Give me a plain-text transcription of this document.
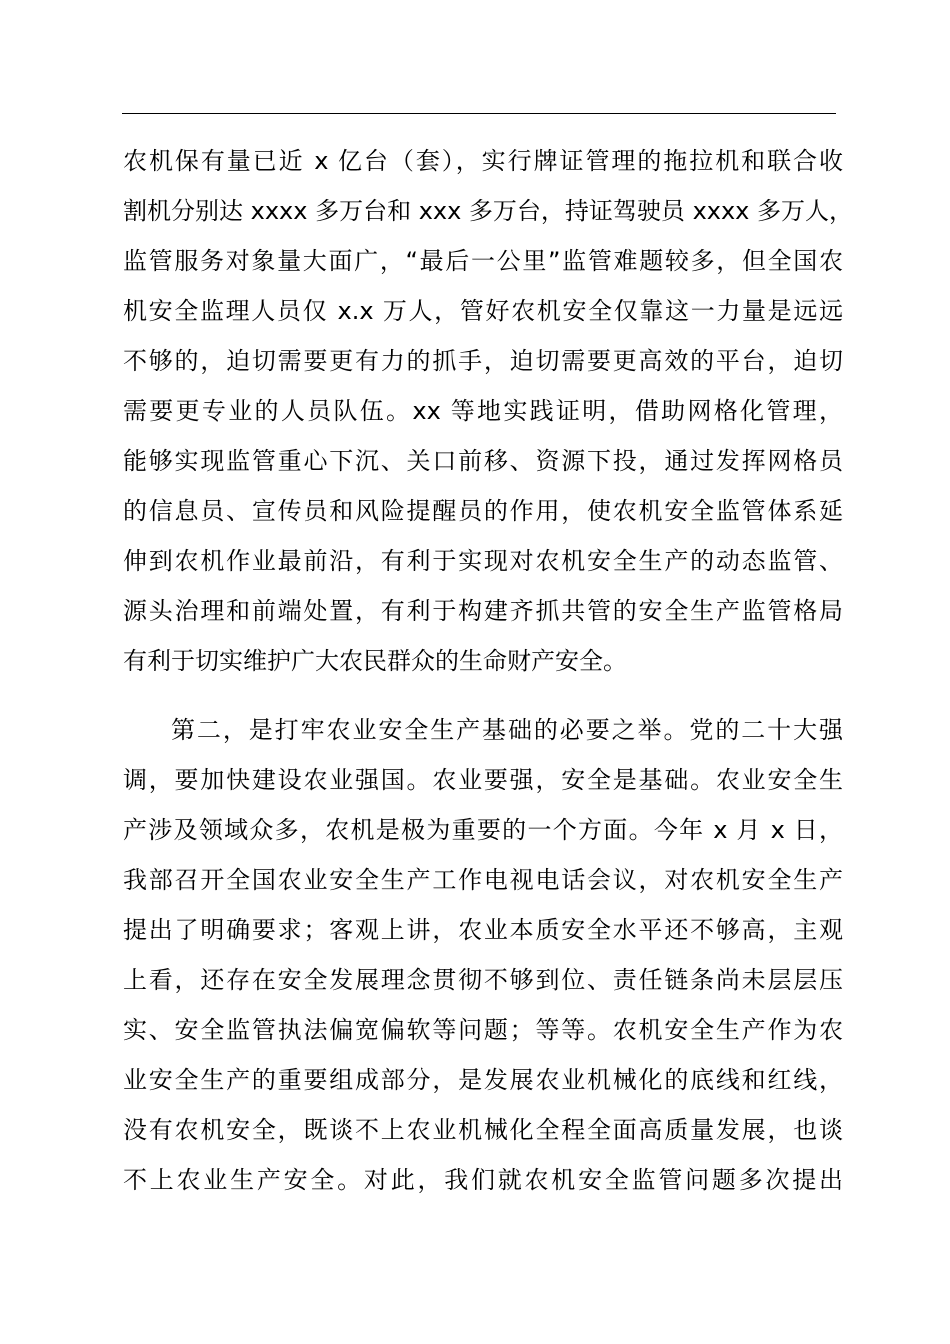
农机保有量已近 x 亿台（套），实行牌证管理的拖拉机和联合收
割机分别达 xxxx 多万台和 xxx 多万台，持证驾驶员 xxxx 多万人，
监管服务对象量大面广，“最后一公里”监管难题较多，但全国农
机安全监理人员仅 x.x 万人，管好农机安全仅靠这一力量是远远
不够的，迫切需要更有力的抓手，迫切需要更高效的平台，迫切
需要更专业的人员队伍。xx 等地实践证明，借助网格化管理，
能够实现监管重心下沉、关口前移、资源下投，通过发挥网格员
的信息员、宣传员和风险提醒员的作用，使农机安全监管体系延
伸到农机作业最前沿，有利于实现对农机安全生产的动态监管、
源头治理和前端处置，有利于构建齐抓共管的安全生产监管格局
有利于切实维护广大农民群众的生命财产安全。
第二，是打牢农业安全生产基础的必要之举。党的二十大强
调，要加快建设农业强国。农业要强，安全是基础。农业安全生
产涉及领域众多，农机是极为重要的一个方面。今年 x 月 x 日，
我部召开全国农业安全生产工作电视电话会议，对农机安全生产
提出了明确要求；客观上讲，农业本质安全水平还不够高，主观
上看，还存在安全发展理念贯彻不够到位、责任链条尚未层层压
实、安全监管执法偏宽偏软等问题；等等。农机安全生产作为农
业安全生产的重要组成部分，是发展农业机械化的底线和红线，
没有农机安全，既谈不上农业机械化全程全面高质量发展，也谈
不上农业生产安全。对此，我们就农机安全监管问题多次提出
